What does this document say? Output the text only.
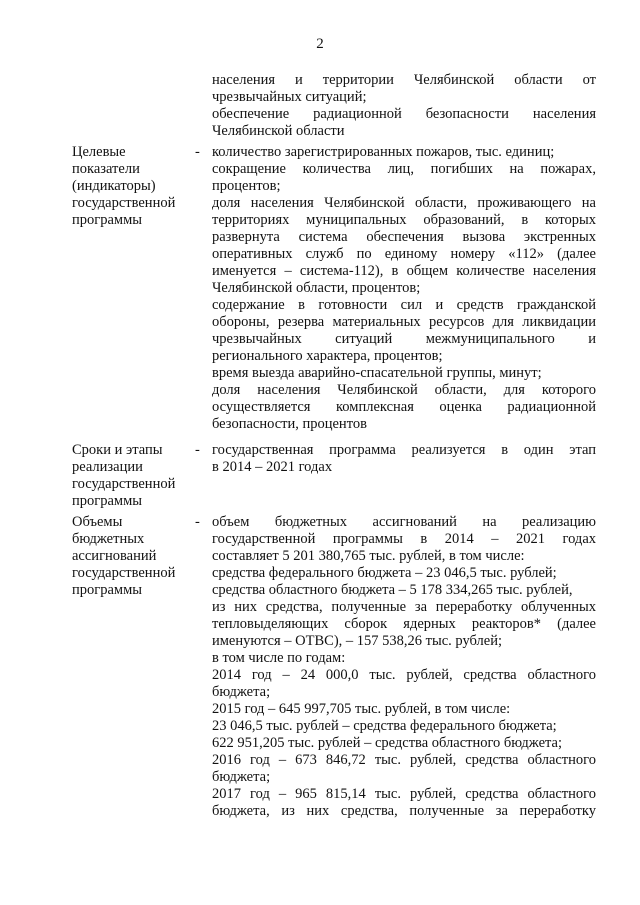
2
населения и территории Челябинской области от
чрезвычайных ситуаций;
обеспечение радиационной безопасности населения
Челябинской области
Целевые
показатели
(индикаторы)
государственной
программы
- количество зарегистрированных пожаров, тыс. единиц;
сокращение количества лиц, погибших на пожарах,
процентов;
доля населения Челябинской области, проживающего на
территориях муниципальных образований, в которых
развернута система обеспечения вызова экстренных
оперативных служб по единому номеру «112» (далее
именуется – система-112), в общем количестве населения
Челябинской области, процентов;
содержание в готовности сил и средств гражданской
обороны, резерва материальных ресурсов для ликвидации
чрезвычайных ситуаций межмуниципального и
регионального характера, процентов;
время выезда аварийно-спасательной группы, минут;
доля населения Челябинской области, для которого
осуществляется комплексная оценка радиационной
безопасности, процентов
Сроки и этапы
реализации
государственной
программы
- государственная программа реализуется в один этап
в 2014 – 2021 годах
Объемы
бюджетных
ассигнований
государственной
программы
- объем бюджетных ассигнований на реализацию
государственной программы в 2014 – 2021 годах
составляет 5 201 380,765 тыс. рублей, в том числе:
средства федерального бюджета – 23 046,5 тыс. рублей;
средства областного бюджета – 5 178 334,265 тыс. рублей,
из них средства, полученные за переработку облученных
тепловыделяющих сборок ядерных реакторов* (далее
именуются – ОТВС), – 157 538,26 тыс. рублей;
в том числе по годам:
2014 год – 24 000,0 тыс. рублей, средства областного
бюджета;
2015 год – 645 997,705 тыс. рублей, в том числе:
23 046,5 тыс. рублей – средства федерального бюджета;
622 951,205 тыс. рублей – средства областного бюджета;
2016 год – 673 846,72 тыс. рублей, средства областного
бюджета;
2017 год – 965 815,14 тыс. рублей, средства областного
бюджета, из них средства, полученные за переработку
